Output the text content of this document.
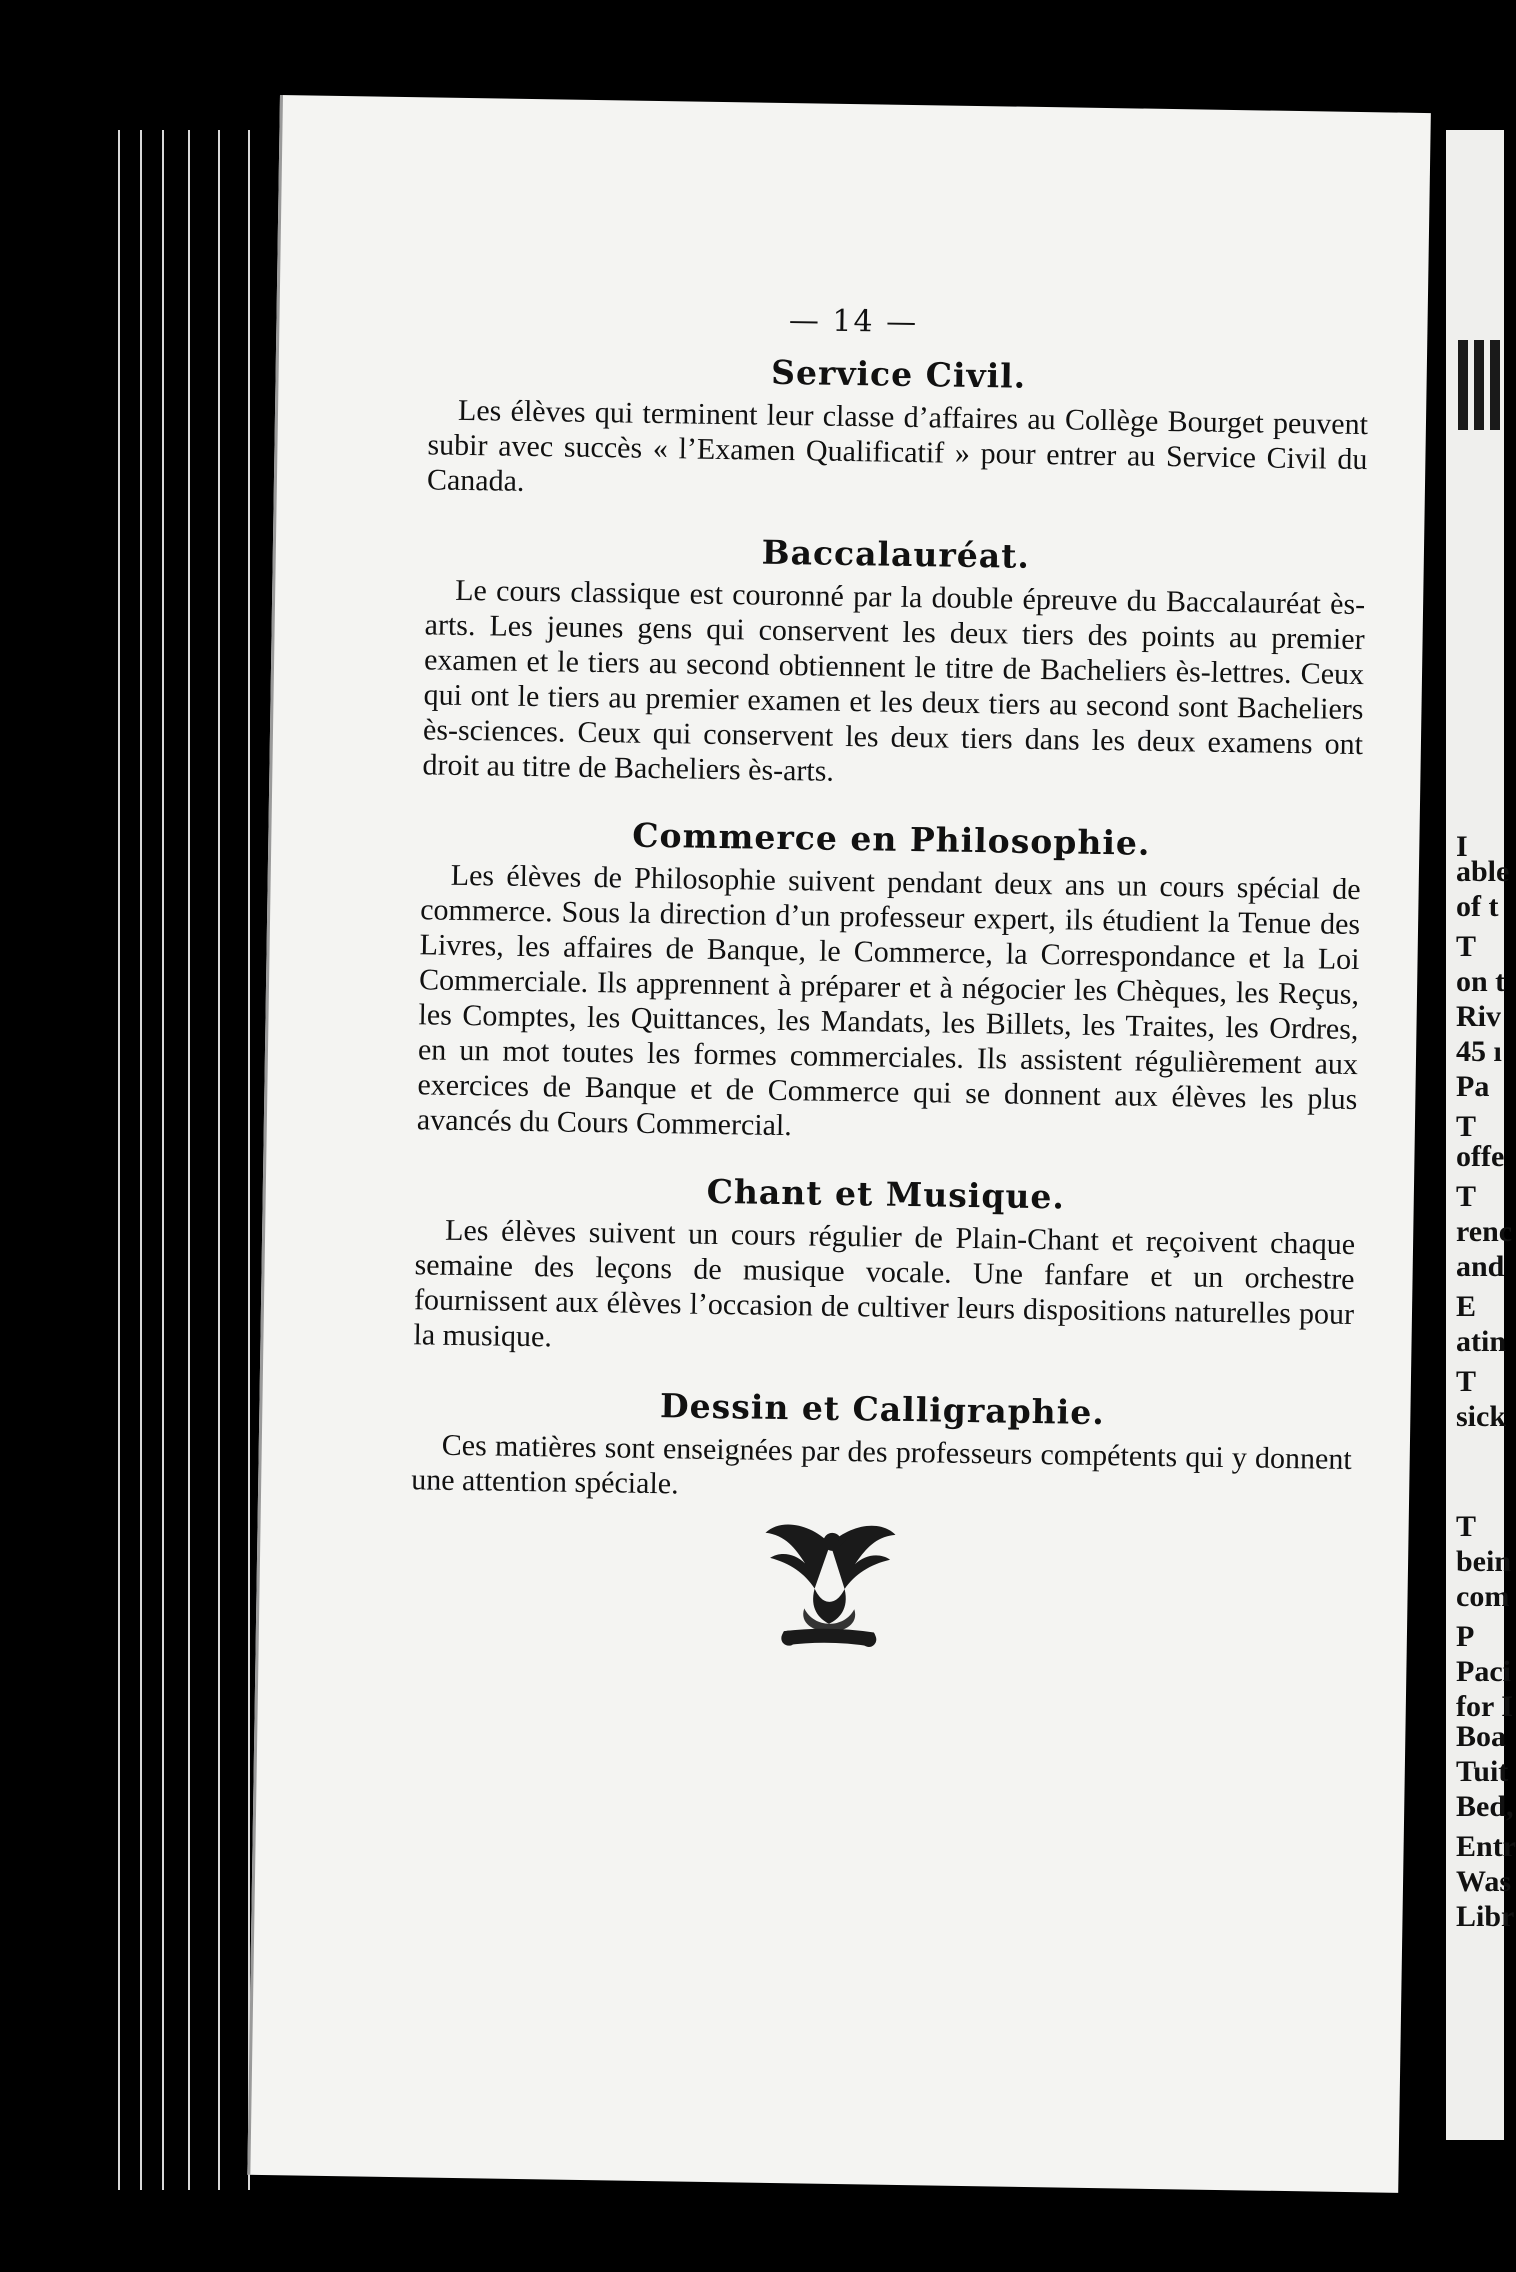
— 14 —
Service Civil.

Les élèves qui terminent leur classe d’affaires au Collège Bourget peuvent subir avec succès « l’Examen Qualificatif » pour entrer au Service Civil du Canada.

Baccalauréat.

Le cours classique est couronné par la double épreuve du Baccalauréat ès-arts. Les jeunes gens qui conservent les deux tiers des points au premier examen et le tiers au second obtiennent le titre de Bacheliers ès-lettres. Ceux qui ont le tiers au premier examen et les deux tiers au second sont Bacheliers ès-sciences. Ceux qui conservent les deux tiers dans les deux examens ont droit au titre de Bacheliers ès-arts.

Commerce en Philosophie.

Les élèves de Philosophie suivent pendant deux ans un cours spécial de commerce. Sous la direction d’un professeur expert, ils étudient la Tenue des Livres, les affaires de Banque, le Commerce, la Correspondance et la Loi Commerciale. Ils apprennent à préparer et à négocier les Chèques, les Reçus, les Comptes, les Quittances, les Mandats, les Billets, les Traites, les Ordres, en un mot toutes les formes commerciales. Ils assistent régulièrement aux exercices de Banque et de Commerce qui se donnent aux élèves les plus avancés du Cours Commercial.

Chant et Musique.

Les élèves suivent un cours régulier de Plain-Chant et reçoivent chaque semaine des leçons de musique vocale. Une fanfare et un orchestre fournissent aux élèves l’occasion de cultiver leurs dispositions naturelles pour la musique.

Dessin et Calligraphie.

Ces matières sont enseignées par des professeurs compétents qui y donnent une attention spéciale.

I
able
of t
T
on t
Riv
45 ı
Pa
T
offe
T
renc
and
E
atin
T
sick
T
bein
com
P
Paci
for I
Boa
Tuit
Bed,
Entr
Was
Libr
